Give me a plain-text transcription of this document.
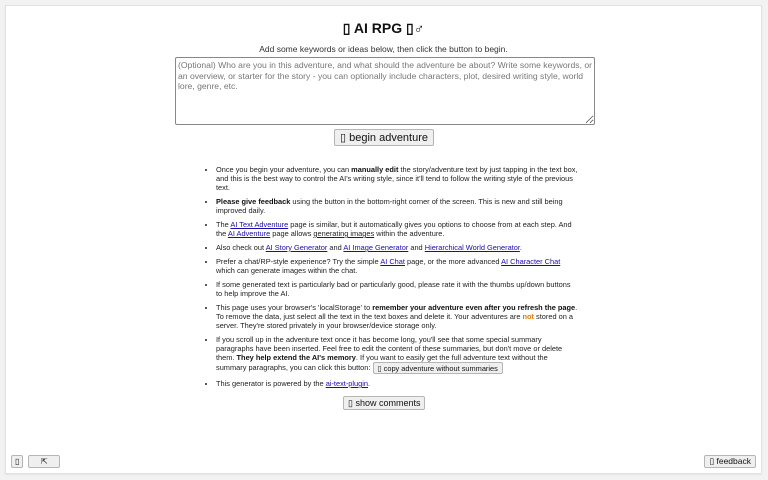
▯ AI RPG ▯♂
Add some keywords or ideas below, then click the button to begin.
(Optional) Who are you in this adventure, and what should the adventure be about? Write some keywords, or an overview, or starter for the story - you can optionally include characters, plot, desired writing style, world lore, genre, etc.
▯ begin adventure
• Once you begin your adventure, you can manually edit the story/adventure text by just tapping in the text box, and this is the best way to control the AI's writing style, since it'll tend to follow the writing style of the previous text.
• Please give feedback using the button in the bottom-right corner of the screen. This is new and still being improved daily.
• The AI Text Adventure page is similar, but it automatically gives you options to choose from at each step. And the AI Adventure page allows generating images within the adventure.
• Also check out AI Story Generator and AI Image Generator and Hierarchical World Generator.
• Prefer a chat/RP-style experience? Try the simple AI Chat page, or the more advanced AI Character Chat which can generate images within the chat.
• If some generated text is particularly bad or particularly good, please rate it with the thumbs up/down buttons to help improve the AI.
• This page uses your browser's 'localStorage' to remember your adventure even after you refresh the page. To remove the data, just select all the text in the text boxes and delete it. Your adventures are not stored on a server. They're stored privately in your browser/device storage only.
• If you scroll up in the adventure text once it has become long, you'll see that some special summary paragraphs have been inserted. Feel free to edit the content of these summaries, but don't move or delete them. They help extend the AI's memory. If you want to easily get the full adventure text without the summary paragraphs, you can click this button: ▯ copy adventure without summaries
• This generator is powered by the ai-text-plugin.
▯ show comments
▯	⇱	▯ feedback
